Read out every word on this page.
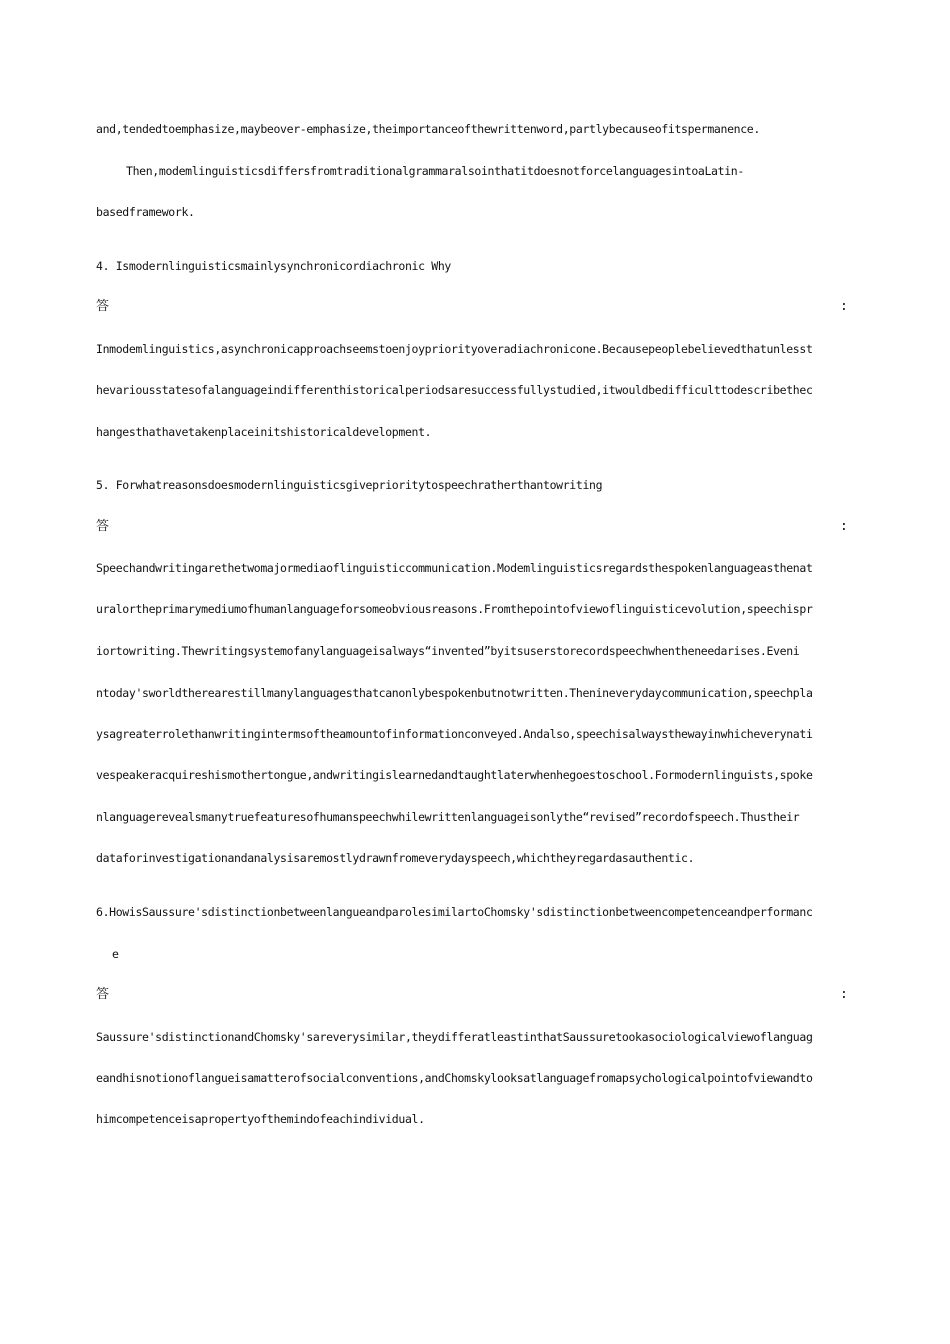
and,tendedtoemphasize,maybeover-emphasize,theimportanceofthewrittenword,partlybecauseofitspermanence.
Then,modemlinguisticsdiffersfromtraditionalgrammaralsointhatitdoesnotforcelanguagesintoaLatin-
basedframework.
4. Ismodernlinguisticsmainlysynchronicordiachronic Why
答	:
Inmodemlinguistics,asynchronicapproachseemstoenjoypriorityoveradiachronicone.Becausepeoplebelievedthatunlesst
hevariousstatesofalanguageindifferenthistoricalperiodsaresuccessfullystudied,itwouldbedifficulttodescribethec
hangesthathavetakenplaceinitshistoricaldevelopment.
5. Forwhatreasonsdoesmodernlinguisticsgiveprioritytospeechratherthantowriting
答	:
Speechandwritingarethetwomajormediaoflinguisticcommunication.Modemlinguisticsregardsthespokenlanguageasthenat
uralortheprimarymediumofhumanlanguageforsomeobviousreasons.Fromthepointofviewoflinguisticevolution,speechispr
iortowriting.Thewritingsystemofanylanguageisalways“invented”byitsuserstorecordspeechwhentheneedarises.Eveni
ntoday'sworldtherearestillmanylanguagesthatcanonlybespokenbutnotwritten.Thenineverydaycommunication,speechpla
ysagreaterrolethanwritingintermsoftheamountofinformationconveyed.Andalso,speechisalwaysthewayinwhicheverynati
vespeakeracquireshismothertongue,andwritingislearnedandtaughtlaterwhenhegoestoschool.Formodernlinguists,spoke
nlanguagerevealsmanytruefeaturesofhumanspeechwhilewrittenlanguageisonlythe“revised”recordofspeech.Thustheir
dataforinvestigationandanalysisaremostlydrawnfromeverydayspeech,whichtheyregardasauthentic.
6.HowisSaussure'sdistinctionbetweenlangueandparolesimilartoChomsky'sdistinctionbetweencompetenceandperformanc
e
答	:
Saussure'sdistinctionandChomsky'sareverysimilar,theydifferatleastinthatSaussuretookasociologicalviewoflanguag
eandhisnotionoflangueisamatterofsocialconventions,andChomskylooksatlanguagefromapsychologicalpointofviewandto
himcompetenceisapropertyofthemindofeachindividual.
